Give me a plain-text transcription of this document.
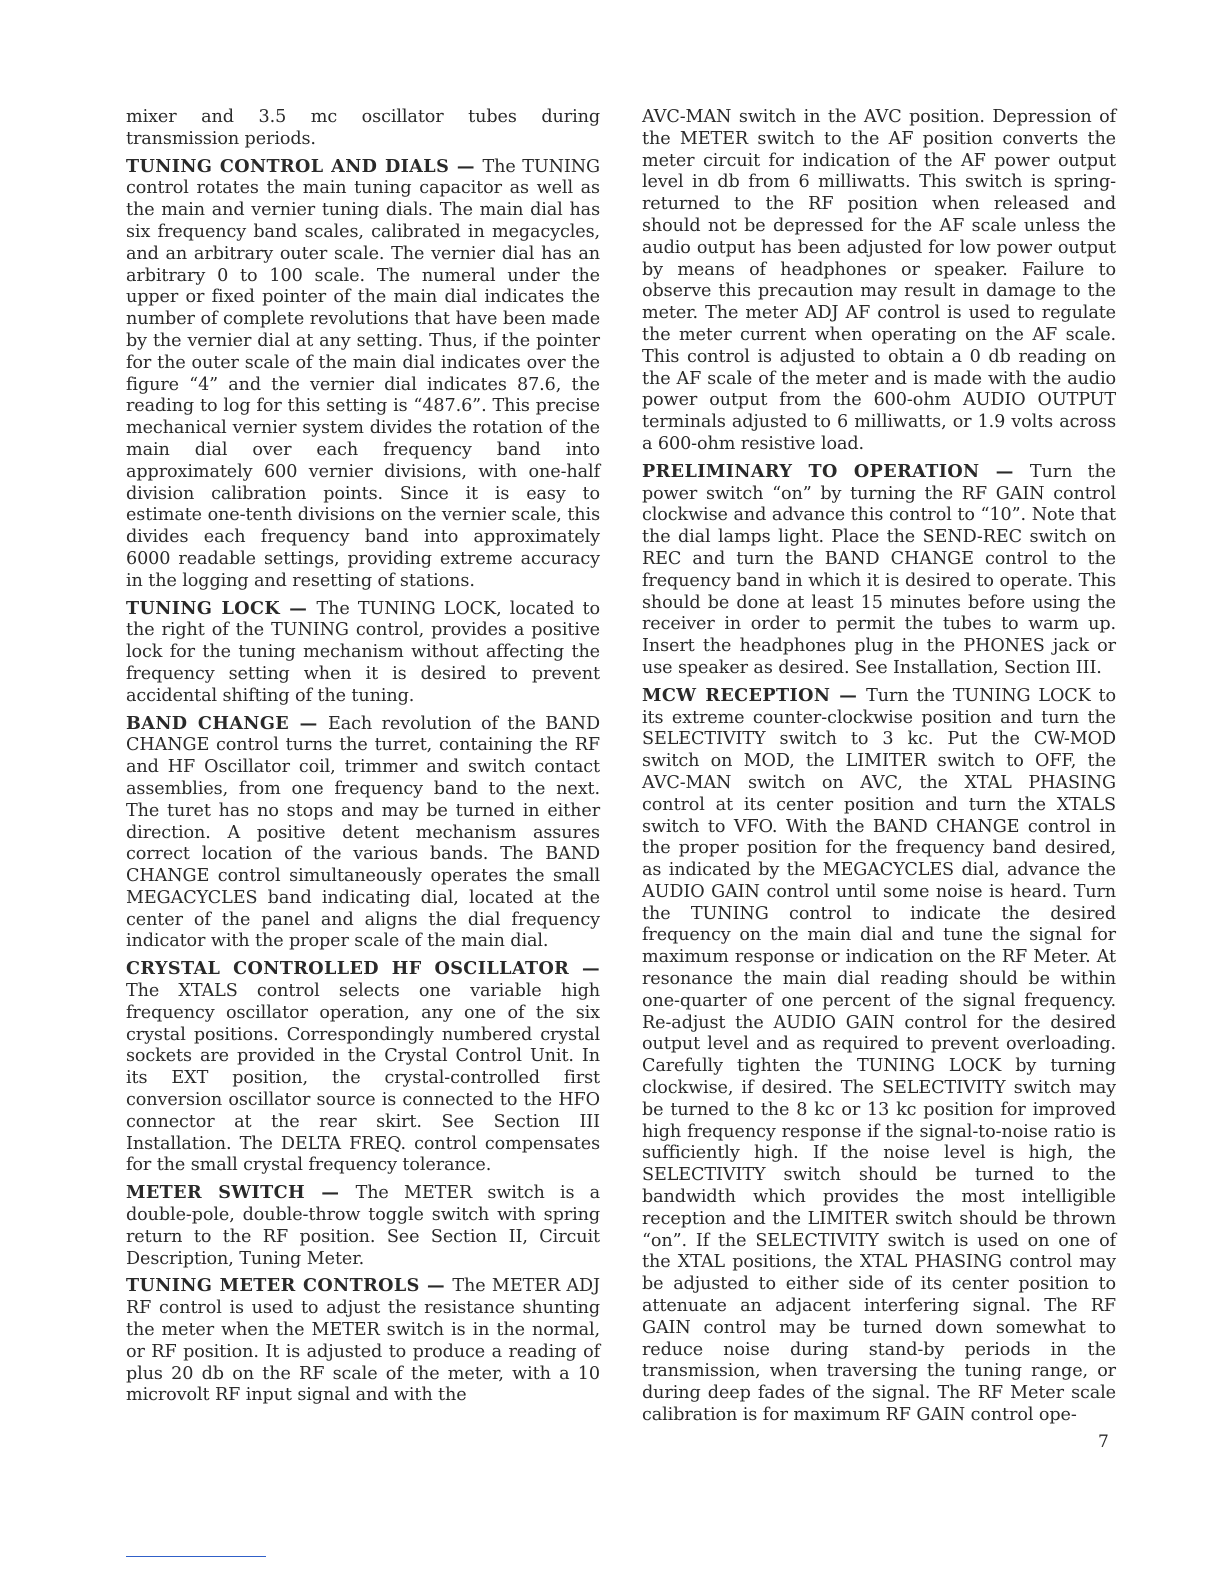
mixer and 3.5 mc oscillator tubes during transmission periods.

TUNING CONTROL AND DIALS — The TUNING control rotates the main tuning capacitor as well as the main and vernier tuning dials. The main dial has six frequency band scales, calibrated in megacycles, and an arbitrary outer scale. The vernier dial has an arbitrary 0 to 100 scale. The numeral under the upper or fixed pointer of the main dial indicates the number of complete revolutions that have been made by the vernier dial at any setting. Thus, if the pointer for the outer scale of the main dial indicates over the figure “4” and the vernier dial indicates 87.6, the reading to log for this setting is “487.6”. This precise mechanical vernier system divides the rotation of the main dial over each frequency band into approximately 600 vernier divisions, with one-half division calibration points. Since it is easy to estimate one-tenth divisions on the vernier scale, this divides each frequency band into approximately 6000 readable settings, providing extreme accuracy in the logging and resetting of stations.

TUNING LOCK — The TUNING LOCK, located to the right of the TUNING control, provides a positive lock for the tuning mechanism without affecting the frequency setting when it is desired to prevent accidental shifting of the tuning.

BAND CHANGE — Each revolution of the BAND CHANGE control turns the turret, containing the RF and HF Oscillator coil, trimmer and switch contact assemblies, from one frequency band to the next. The turet has no stops and may be turned in either direction. A positive detent mechanism assures correct location of the various bands. The BAND CHANGE control simultaneously operates the small MEGACYCLES band indicating dial, located at the center of the panel and aligns the dial frequency indicator with the proper scale of the main dial.

CRYSTAL CONTROLLED HF OSCILLATOR — The XTALS control selects one variable high frequency oscillator operation, any one of the six crystal positions. Correspondingly numbered crystal sockets are provided in the Crystal Control Unit. In its EXT position, the crystal-controlled first conversion oscillator source is connected to the HFO connector at the rear skirt. See Section III Installation. The DELTA FREQ. control compensates for the small crystal frequency tolerance.

METER SWITCH — The METER switch is a double-pole, double-throw toggle switch with spring return to the RF position. See Section II, Circuit Description, Tuning Meter.

TUNING METER CONTROLS — The METER ADJ RF control is used to adjust the resistance shunting the meter when the METER switch is in the normal, or RF position. It is adjusted to produce a reading of plus 20 db on the RF scale of the meter, with a 10 microvolt RF input signal and with the

AVC-MAN switch in the AVC position. Depression of the METER switch to the AF position converts the meter circuit for indication of the AF power output level in db from 6 milliwatts. This switch is spring-returned to the RF position when released and should not be depressed for the AF scale unless the audio output has been adjusted for low power output by means of headphones or speaker. Failure to observe this precaution may result in damage to the meter. The meter ADJ AF control is used to regulate the meter current when operating on the AF scale. This control is adjusted to obtain a 0 db reading on the AF scale of the meter and is made with the audio power output from the 600-ohm AUDIO OUTPUT terminals adjusted to 6 milliwatts, or 1.9 volts across a 600-ohm resistive load.

PRELIMINARY TO OPERATION — Turn the power switch “on” by turning the RF GAIN control clockwise and advance this control to “10”. Note that the dial lamps light. Place the SEND-REC switch on REC and turn the BAND CHANGE control to the frequency band in which it is desired to operate. This should be done at least 15 minutes before using the receiver in order to permit the tubes to warm up. Insert the headphones plug in the PHONES jack or use speaker as desired. See Installation, Section III.

MCW RECEPTION — Turn the TUNING LOCK to its extreme counter-clockwise position and turn the SELECTIVITY switch to 3 kc. Put the CW-MOD switch on MOD, the LIMITER switch to OFF, the AVC-MAN switch on AVC, the XTAL PHASING control at its center position and turn the XTALS switch to VFO. With the BAND CHANGE control in the proper position for the frequency band desired, as indicated by the MEGACYCLES dial, advance the AUDIO GAIN control until some noise is heard. Turn the TUNING control to indicate the desired frequency on the main dial and tune the signal for maximum response or indication on the RF Meter. At resonance the main dial reading should be within one-quarter of one percent of the signal frequency. Re-adjust the AUDIO GAIN control for the desired output level and as required to prevent overloading. Carefully tighten the TUNING LOCK by turning clockwise, if desired. The SELECTIVITY switch may be turned to the 8 kc or 13 kc position for improved high frequency response if the signal-to-noise ratio is sufficiently high. If the noise level is high, the SELECTIVITY switch should be turned to the bandwidth which provides the most intelligible reception and the LIMITER switch should be thrown “on”. If the SELECTIVITY switch is used on one of the XTAL positions, the XTAL PHASING control may be adjusted to either side of its center position to attenuate an adjacent interfering signal. The RF GAIN control may be turned down somewhat to reduce noise during stand-by periods in the transmission, when traversing the tuning range, or during deep fades of the signal. The RF Meter scale calibration is for maximum RF GAIN control ope-

7
